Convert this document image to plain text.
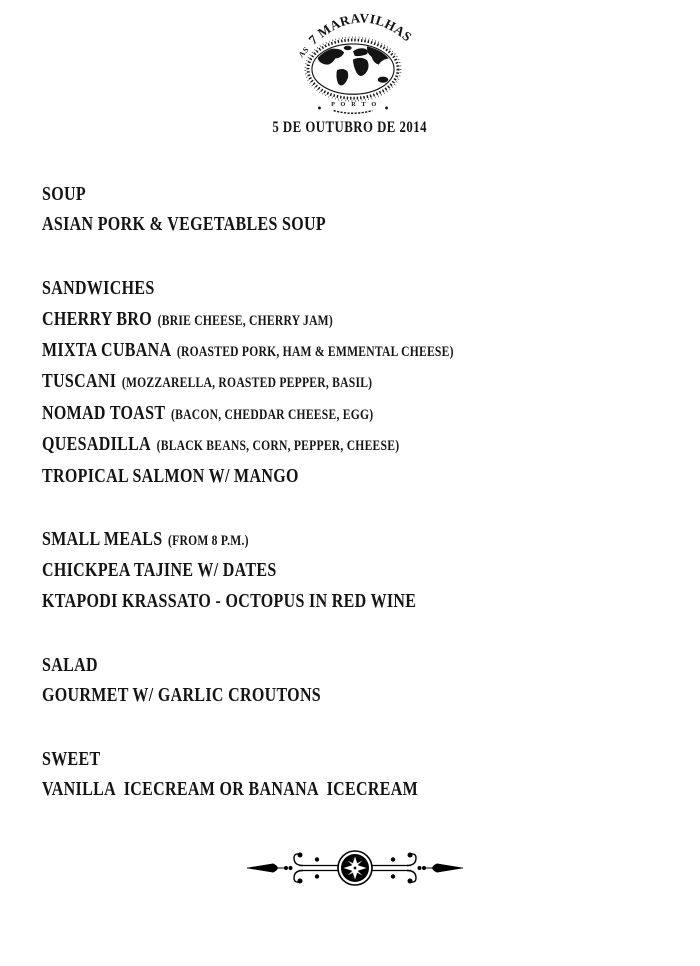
AS 7 MARAVILHAS
P O R T O
5 DE OUTUBRO DE 2014
SOUP

ASIAN PORK & VEGETABLES SOUP

SANDWICHES

CHERRY BRO (BRIE CHEESE, CHERRY JAM)

MIXTA CUBANA (ROASTED PORK, HAM & EMMENTAL CHEESE)

TUSCANI (MOZZARELLA, ROASTED PEPPER, BASIL)

NOMAD TOAST (BACON, CHEDDAR CHEESE, EGG)

QUESADILLA (BLACK BEANS, CORN, PEPPER, CHEESE)

TROPICAL SALMON W/ MANGO

SMALL MEALS (FROM 8 P.M.)

CHICKPEA TAJINE W/ DATES

KTAPODI KRASSATO - OCTOPUS IN RED WINE

SALAD

GOURMET W/ GARLIC CROUTONS

SWEET

VANILLA  ICECREAM OR BANANA  ICECREAM
